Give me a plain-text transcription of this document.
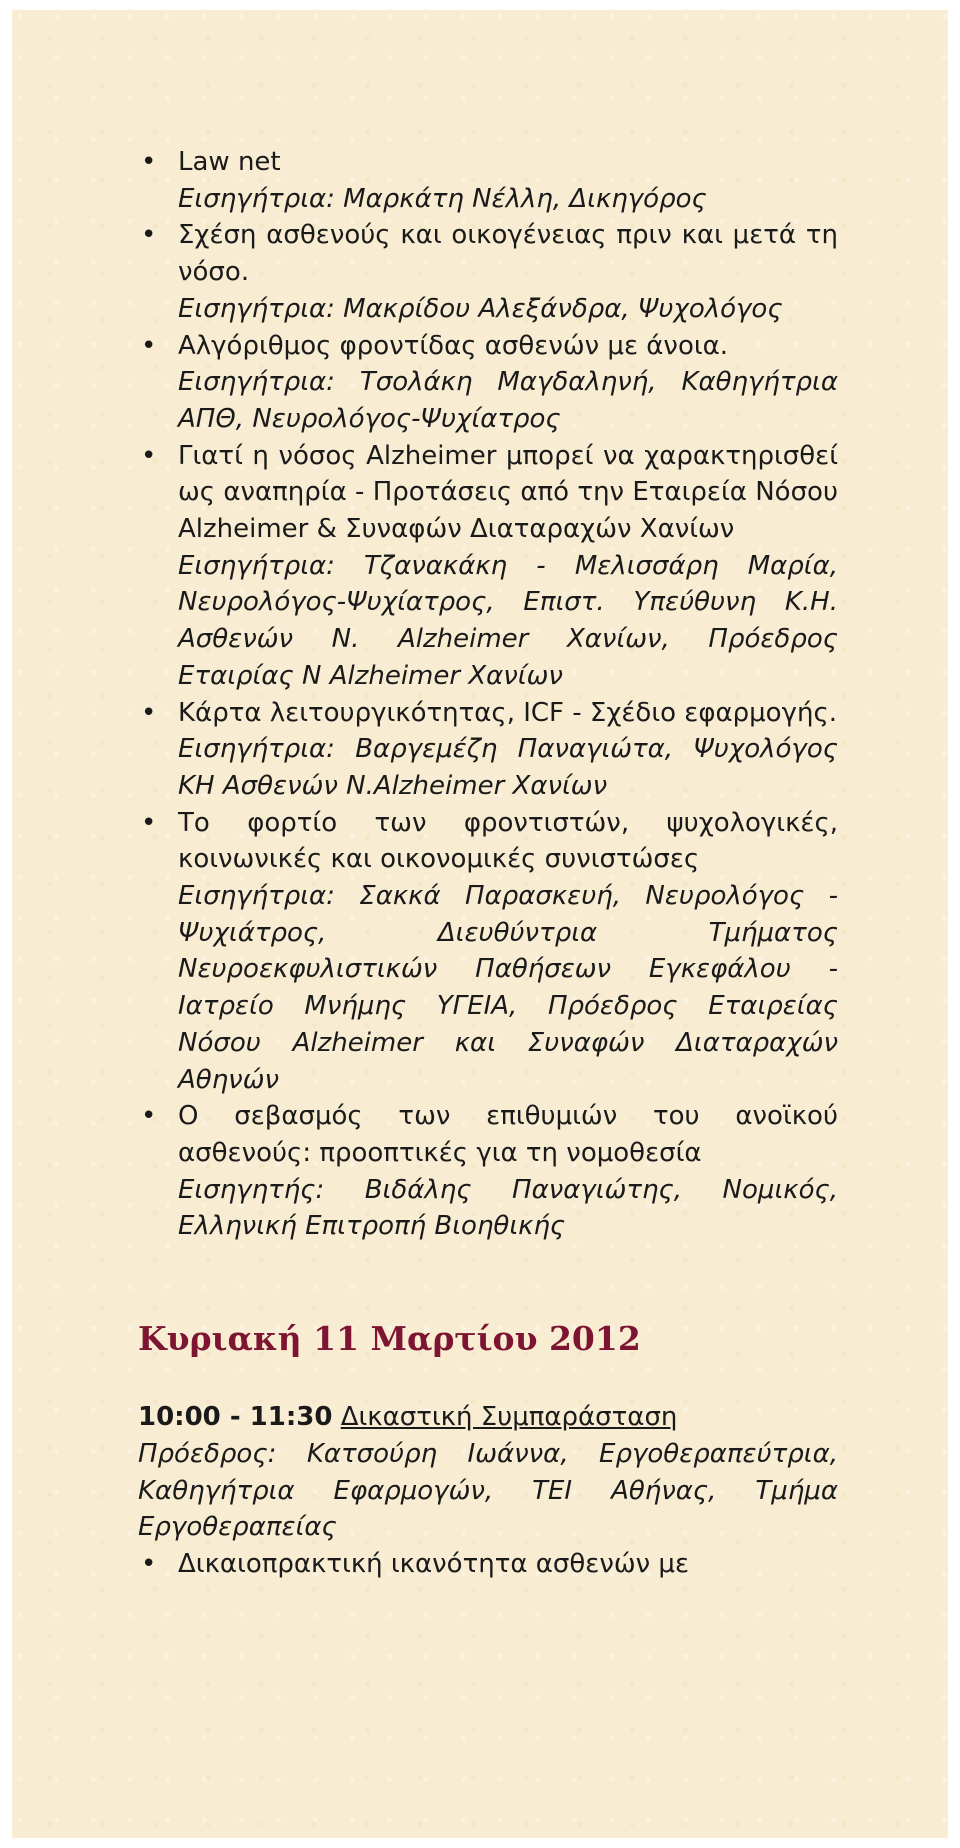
• Law net
Εισηγήτρια: Μαρκάτη Νέλλη, Δικηγόρος
• Σχέση ασθενούς και οικογένειας πριν και μετά τη νόσο.
Εισηγήτρια: Μακρίδου Αλεξάνδρα, Ψυχολόγος
• Αλγόριθμος φροντίδας ασθενών με άνοια.
Εισηγήτρια: Τσολάκη Μαγδαληνή, Καθηγήτρια ΑΠΘ, Νευρολόγος-Ψυχίατρος
• Γιατί η νόσος Alzheimer μπορεί να χαρακτηρισθεί ως αναπηρία - Προτάσεις από την Εταιρεία Νόσου Alzheimer & Συναφών Διαταραχών Χανίων
Εισηγήτρια: Τζανακάκη - Μελισσάρη Μαρία, Νευρολόγος-Ψυχίατρος, Επιστ. Υπεύθυνη Κ.Η. Ασθενών Ν. Alzheimer Χανίων, Πρόεδρος Εταιρίας Ν Alzheimer Χανίων
• Κάρτα λειτουργικότητας, ICF - Σχέδιο εφαρμογής.
Εισηγήτρια: Βαργεμέζη Παναγιώτα, Ψυχολόγος ΚΗ Ασθενών Ν.Alzheimer Χανίων
• Το φορτίο των φροντιστών, ψυχολογικές, κοινωνικές και οικονομικές συνιστώσες
Εισηγήτρια: Σακκά Παρασκευή, Νευρολόγος - Ψυχιάτρος, Διευθύντρια Τμήματος Νευροεκφυλιστικών Παθήσεων Εγκεφάλου - Ιατρείο Μνήμης ΥΓΕΙΑ, Πρόεδρος Εταιρείας Νόσου Alzheimer και Συναφών Διαταραχών Αθηνών
• Ο σεβασμός των επιθυμιών του ανοϊκού ασθενούς: προοπτικές για τη νομοθεσία
Εισηγητής: Βιδάλης Παναγιώτης, Νομικός, Ελληνική Επιτροπή Βιοηθικής
Κυριακή 11 Μαρτίου 2012
10:00 - 11:30 Δικαστική Συμπαράσταση
Πρόεδρος: Κατσούρη Ιωάννα, Εργοθεραπεύτρια, Καθηγήτρια Εφαρμογών, ΤΕΙ Αθήνας, Τμήμα Εργοθεραπείας
• Δικαιοπρακτική ικανότητα ασθενών με
